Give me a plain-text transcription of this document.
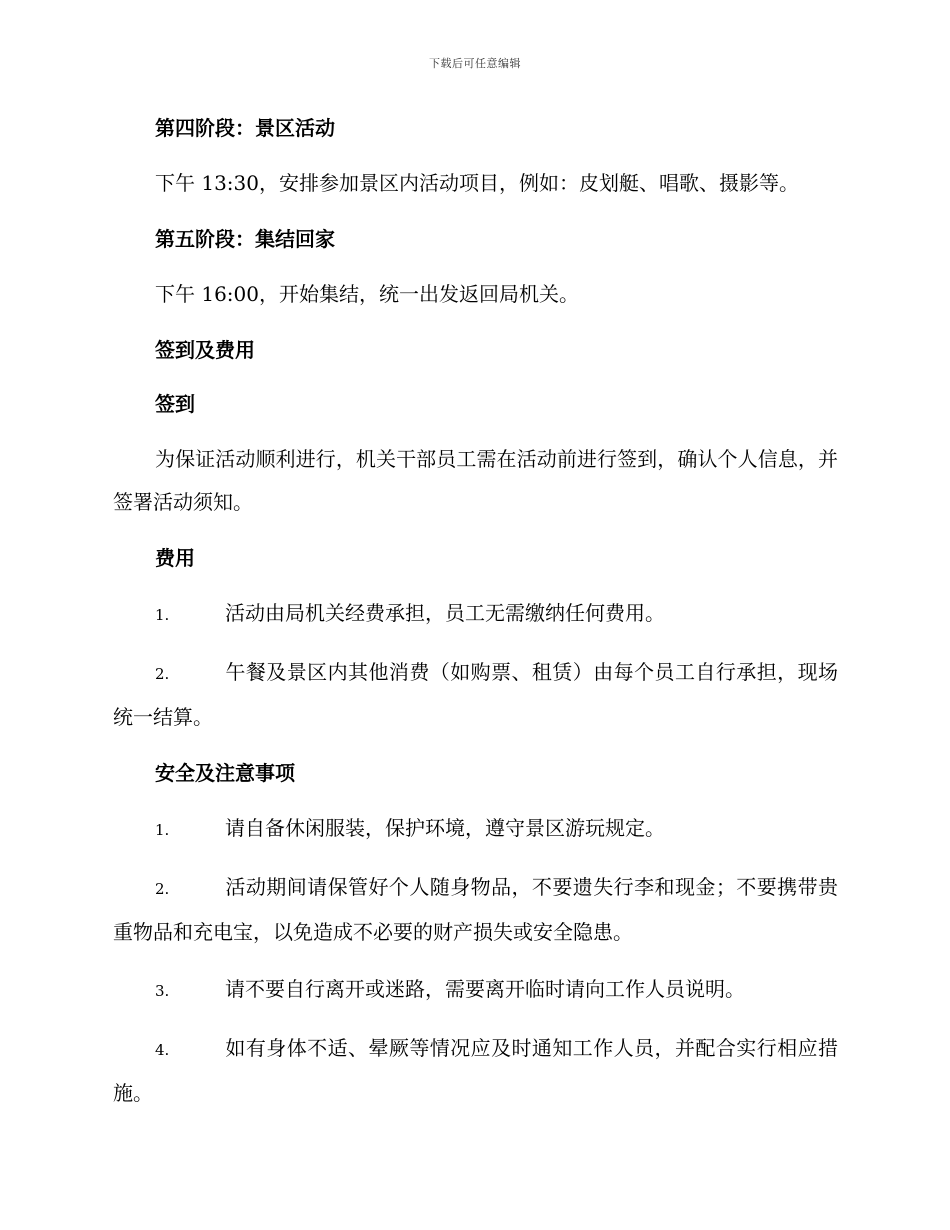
下载后可任意编辑
第四阶段：景区活动
下午 13:30，安排参加景区内活动项目，例如：皮划艇、唱歌、摄影等。
第五阶段：集结回家
下午 16:00，开始集结，统一出发返回局机关。
签到及费用
签到
为保证活动顺利进行，机关干部员工需在活动前进行签到，确认个人信息，并签署活动须知。
费用
1.	活动由局机关经费承担，员工无需缴纳任何费用。
2.	午餐及景区内其他消费（如购票、租赁）由每个员工自行承担，现场统一结算。
安全及注意事项
1.	请自备休闲服装，保护环境，遵守景区游玩规定。
2.	活动期间请保管好个人随身物品，不要遗失行李和现金；不要携带贵重物品和充电宝，以免造成不必要的财产损失或安全隐患。
3.	请不要自行离开或迷路，需要离开临时请向工作人员说明。
4.	如有身体不适、晕厥等情况应及时通知工作人员，并配合实行相应措施。
